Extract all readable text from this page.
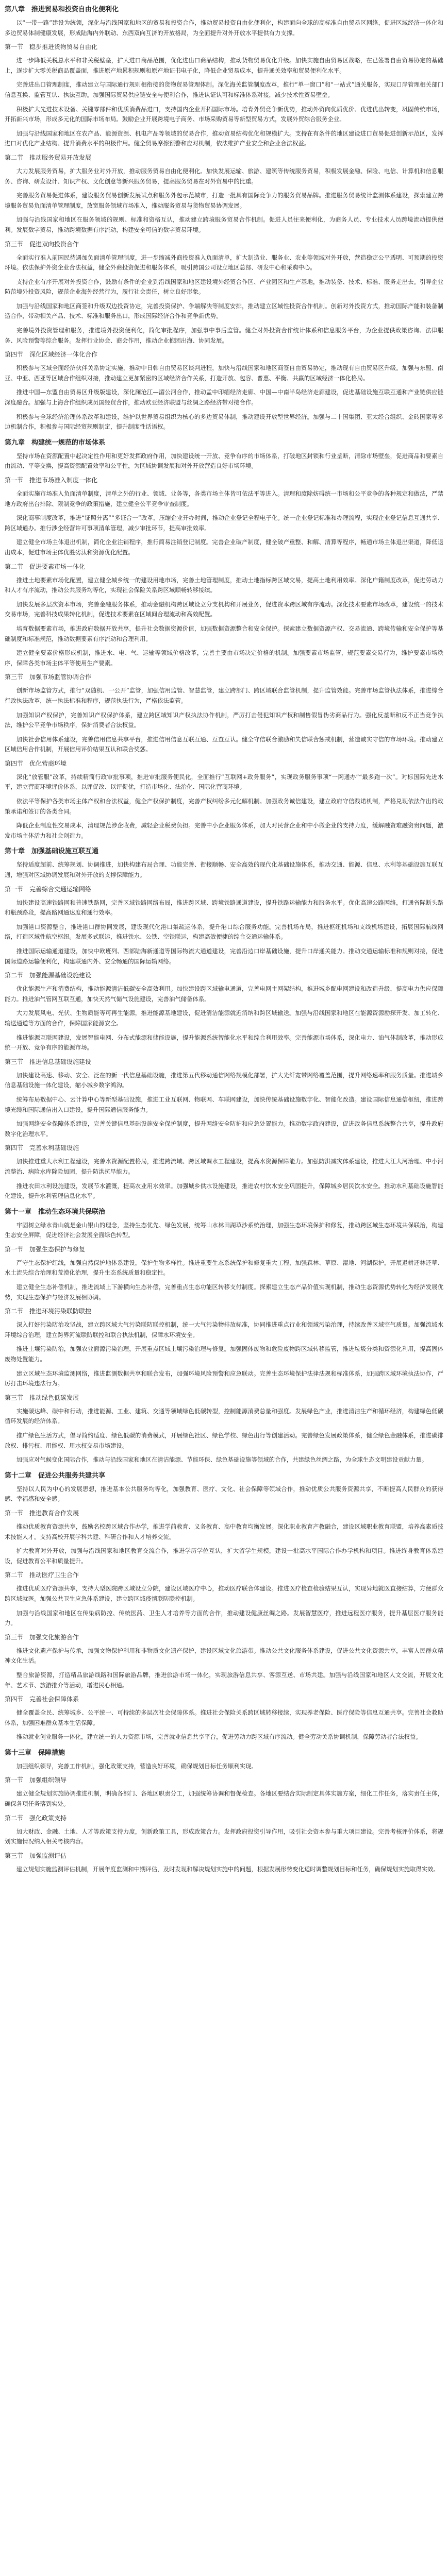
第八章　推进贸易和投资自由化便利化

以“一带一路”建设为统领，深化与沿线国家和地区的贸易和投资合作，推动贸易投资自由化便利化，构建面向全球的高标准自由贸易区网络，促进区域经济一体化和多边贸易体制健康发展，形成陆海内外联动、东西双向互济的开放格局，为全面提升对外开放水平提供有力支撑。

第一节　稳步推进货物贸易自由化

进一步降低关税总水平和非关税壁垒，扩大进口商品范围，优化进出口商品结构，推动货物贸易优化升级。加快实施自由贸易区战略，在已签署自由贸易协定的基础上，逐步扩大零关税商品覆盖面，推进原产地累积规则和原产地证书电子化，降低企业贸易成本，提升通关效率和贸易便利化水平。

完善进出口管理制度，推动建立与国际通行规则相衔接的货物贸易管理体制。深化海关监管制度改革，推行“单一窗口”和“一站式”通关服务，实现口岸管理相关部门信息互换、监管互认、执法互助。加强国际贸易供应链安全与便利合作，推进认证认可和标准体系对接，减少技术性贸易壁垒。

积极扩大先进技术设备、关键零部件和优质消费品进口，支持国内企业开拓国际市场。培育外贸竞争新优势，推动外贸向优质优价、优进优出转变，巩固传统市场，开拓新兴市场，形成多元化的国际市场布局。鼓励企业开展跨境电子商务、市场采购贸易等新型贸易方式，发展外贸综合服务企业。

加强与沿线国家和地区在农产品、能源资源、机电产品等领域的贸易合作，推动贸易结构优化和规模扩大。支持在有条件的地区建设进口贸易促进创新示范区，发挥进口对优化产业结构、提升消费水平的积极作用。健全贸易摩擦预警和应对机制，依法维护产业安全和企业合法权益。

第二节　推动服务贸易开放发展

大力发展服务贸易，扩大服务业对外开放，推动服务贸易自由化便利化。加快发展运输、旅游、建筑等传统服务贸易，积极发展金融、保险、电信、计算机和信息服务、咨询、研发设计、知识产权、文化创意等新兴服务贸易，提高服务贸易在对外贸易中的比重。

完善服务贸易促进体系，建设服务贸易创新发展试点和服务外包示范城市，打造一批具有国际竞争力的服务贸易品牌。推进服务贸易统计监测体系建设，探索建立跨境服务贸易负面清单管理制度，放宽服务领域市场准入，推动服务贸易与货物贸易协调发展。

加强与沿线国家和地区在服务领域的规则、标准和资格互认，推动建立跨境服务贸易合作机制。促进人员往来便利化，为商务人员、专业技术人员跨境流动提供便利。发展数字贸易，推动跨境数据有序流动，构建安全可信的数字贸易环境。

第三节　促进双向投资合作

全面实行准入前国民待遇加负面清单管理制度，进一步缩减外商投资准入负面清单，扩大制造业、服务业、农业等领域对外开放，营造稳定公平透明、可预期的投资环境。依法保护外资企业合法权益，健全外商投资促进和服务体系，吸引跨国公司设立地区总部、研发中心和采购中心。

支持企业有序开展对外投资合作，鼓励有条件的企业到沿线国家和地区建设境外经贸合作区、产业园区和生产基地，推动装备、技术、标准、服务走出去。引导企业防范境外投资风险，规范企业海外经营行为，履行社会责任，树立良好形象。

加强与沿线国家和地区商签和升级双边投资协定，完善投资保护、争端解决等制度安排，推动建立区域性投资合作机制。创新对外投资方式，推动国际产能和装备制造合作，带动相关产品、技术、标准和服务出口，形成国际经济合作和竞争新优势。

完善境外投资管理和服务，推进境外投资便利化，简化审批程序，加强事中事后监管。健全对外投资合作统计体系和信息服务平台，为企业提供政策咨询、法律服务、风险预警等综合服务。发挥行业协会、商会作用，推动企业抱团出海、协同发展。

第四节　深化区域经济一体化合作

积极参与区域全面经济伙伴关系协定实施，推动中日韩自由贸易区谈判进程，加快与沿线国家和地区商签自由贸易协定，推动现有自由贸易区升级。加强与东盟、南亚、中亚、西亚等区域合作组织对接，推动建立更加紧密的区域经济合作关系，打造开放、包容、普惠、平衡、共赢的区域经济一体化格局。

推进中国—东盟自由贸易区升级版建设，深化澜沧江—湄公河合作，推动孟中印缅经济走廊、中国—中南半岛经济走廊建设，促进基础设施互联互通和产业链供应链深度融合。加强与上海合作组织成员国经贸合作，推动欧亚经济联盟与丝绸之路经济带对接合作。

积极参与全球经济治理体系改革和建设，维护以世界贸易组织为核心的多边贸易体制，推动建设开放型世界经济。加强与二十国集团、亚太经合组织、金砖国家等多边机制合作，积极参与国际经贸规则制定，提升制度性话语权。

第九章　构建统一规范的市场体系

坚持市场在资源配置中起决定性作用和更好发挥政府作用，加快建设统一开放、竞争有序的市场体系，打破地区封锁和行业垄断，清除市场壁垒，促进商品和要素自由流动、平等交换，提高资源配置效率和公平性，为区域协调发展和对外开放营造良好市场环境。

第一节　推进市场准入制度一体化

全面实施市场准入负面清单制度，清单之外的行业、领域、业务等，各类市场主体皆可依法平等进入。清理和废除妨碍统一市场和公平竞争的各种规定和做法，严禁地方政府出台排除、限制竞争的政策措施，建立健全公平竞争审查制度。

深化商事制度改革，推进“证照分离”“多证合一”改革，压缩企业开办时间，推动企业登记全程电子化。统一企业登记标准和办理流程，实现企业登记信息互通共享、跨区域通办。推行涉企经营许可事项清单管理，减少审批环节，提高审批效率。

建立健全市场主体退出机制，简化企业注销程序，推行简易注销登记制度。完善企业破产制度，健全破产重整、和解、清算等程序，畅通市场主体退出渠道，降低退出成本，促进市场主体优胜劣汰和资源优化配置。

第二节　促进要素市场一体化

推进土地要素市场化配置，建立健全城乡统一的建设用地市场，完善土地管理制度，推动土地指标跨区域交易，提高土地利用效率。深化户籍制度改革，促进劳动力和人才有序流动，推动公共服务均等化，实现社会保险关系跨区域顺畅转移接续。

加快发展多层次资本市场，完善金融服务体系，推动金融机构跨区域设立分支机构和开展业务，促进资本跨区域有序流动。深化技术要素市场改革，建设统一的技术交易市场，完善科技成果转化机制，促进技术要素在区域间合理流动和高效配置。

培育数据要素市场，推进政府数据开放共享，提升社会数据资源价值，加强数据资源整合和安全保护。探索建立数据资源产权、交易流通、跨境传输和安全保护等基础制度和标准规范，推动数据要素有序流动和合理利用。

建立健全要素价格形成机制，推进水、电、气、运输等领域价格改革，完善主要由市场决定价格的机制。加强要素市场监管，规范要素交易行为，维护要素市场秩序，保障各类市场主体平等使用生产要素。

第三节　加强市场监管协调合作

创新市场监管方式，推行“双随机、一公开”监管，加强信用监管、智慧监管，建立跨部门、跨区域联合监管机制，提升监管效能。完善市场监管执法体系，推进综合行政执法改革，统一执法标准和程序，规范执法行为，严格依法监管。

加强知识产权保护，完善知识产权保护体系，建立跨区域知识产权执法协作机制，严厉打击侵犯知识产权和制售假冒伪劣商品行为。强化反垄断和反不正当竞争执法，维护公平竞争市场秩序，保护消费者合法权益。

加快社会信用体系建设，完善信用信息共享平台，推进信用信息互联互通、互查互认。健全守信联合激励和失信联合惩戒机制，营造诚实守信的市场环境。推动建立区域信用合作机制，开展信用评价结果互认和联合奖惩。

第四节　优化营商环境

深化“放管服”改革，持续精简行政审批事项，推进审批服务便民化，全面推行“互联网+政务服务”，实现政务服务事项“一网通办”“最多跑一次”。对标国际先进水平，建立营商环境评价体系，以评促改、以评促优，打造市场化、法治化、国际化营商环境。

依法平等保护各类市场主体产权和合法权益，健全产权保护制度，完善产权纠纷多元化解机制。加强政务诚信建设，建立政府守信践诺机制，严格兑现依法作出的政策承诺和签订的各类合同。

降低企业制度性交易成本，清理规范涉企收费，减轻企业税费负担。完善中小企业服务体系，加大对民营企业和中小微企业的支持力度，缓解融资难融资贵问题，激发市场主体活力和社会创造力。

第十章　加强基础设施互联互通

坚持适度超前、统筹规划、协调推进，加快构建布局合理、功能完善、衔接顺畅、安全高效的现代化基础设施体系，推动交通、能源、信息、水利等基础设施互联互通，增强对区域协调发展和对外开放的支撑保障能力。

第一节　完善综合交通运输网络

加快建设高速铁路网和普速铁路网，完善区域铁路网络布局，推进跨区域、跨境铁路通道建设，提升铁路运输能力和服务水平。优化高速公路网络，打通省际断头路和瓶颈路段，提高路网通达度和通行效率。

加强港口资源整合，推进港口群协同发展，建设现代化港口集疏运体系，提升港口综合服务功能。完善机场布局，推进枢纽机场和支线机场建设，拓展国际航线网络，打造区域性航空枢纽。发展多式联运，推进铁水、公铁、空铁联运，构建高效便捷的综合交通运输体系。

推进国际运输通道建设，加快中欧班列、西部陆海新通道等国际物流大通道建设，完善沿边口岸基础设施，提升口岸通关能力。推动交通运输标准和规则对接，促进国际道路运输便利化，构建联通内外、安全畅通的国际运输网络。

第二节　加强能源基础设施建设

优化能源生产和消费结构，推动能源清洁低碳安全高效利用。加快建设跨区域输电通道，完善电网主网架结构，推进城乡配电网建设和改造升级，提高电力供应保障能力。推进油气管网互联互通，加快天然气储气设施建设，完善油气储备体系。

大力发展风电、光伏、生物质能等可再生能源，推进能源基地建设，促进清洁能源就近消纳和跨区域输送。加强与沿线国家和地区在能源资源勘探开发、加工转化、输送通道等方面的合作，保障国家能源安全。

推进能源互联网建设，发展智能电网、分布式能源和储能设施，提升能源系统智能化水平和综合利用效率。完善能源市场体系，深化电力、油气体制改革，推动形成统一开放、竞争有序的能源市场。

第三节　推进信息基础设施建设

加快建设高速、移动、安全、泛在的新一代信息基础设施，推进第五代移动通信网络规模化部署，扩大光纤宽带网络覆盖范围，提升网络速率和服务质量。推进城乡信息基础设施一体化建设，缩小城乡数字鸿沟。

统筹布局数据中心、云计算中心等新型基础设施，推进工业互联网、物联网、车联网建设，加快传统基础设施数字化、智能化改造。建设国际信息通信枢纽，推进跨境光缆和国际通信出入口建设，提升国际通信服务能力。

加强网络安全保障体系建设，完善关键信息基础设施安全保护制度，提升网络安全防护和应急处置能力。推动数字政府建设，促进政务信息系统整合共享，提升政府数字化治理水平。

第四节　完善水利基础设施

加快推进重大水利工程建设，完善水资源配置格局，推进跨流域、跨区域调水工程建设，提高水资源保障能力。加强防洪减灾体系建设，推进大江大河治理、中小河流整治、病险水库除险加固，提升防洪抗旱能力。

推进农田水利设施建设，发展节水灌溉，提高农业用水效率。加强城乡供水设施建设，推进农村饮水安全巩固提升，保障城乡居民饮水安全。推动水利基础设施智能化建设，提升水利管理信息化水平。

第十一章　推动生态环境共保联治

牢固树立绿水青山就是金山银山的理念，坚持生态优先、绿色发展，统筹山水林田湖草沙系统治理，加强生态环境保护和修复，推动跨区域生态环境共保联治，构建生态安全屏障，促进经济社会发展全面绿色转型。

第一节　加强生态保护与修复

严守生态保护红线，加强自然保护地体系建设，保护生物多样性。推进重要生态系统保护和修复重大工程，加强森林、草原、湿地、河湖保护，开展退耕还林还草、水土流失综合治理和荒漠化治理，提升生态系统质量和稳定性。

建立健全生态补偿机制，推进流域上下游横向生态补偿，完善重点生态功能区转移支付制度。探索建立生态产品价值实现机制，推动生态资源优势转化为经济发展优势，实现生态保护与经济发展相协调。

第二节　推进环境污染联防联控

深入打好污染防治攻坚战，建立跨区域大气污染联防联控机制，统一大气污染物排放标准，协同推进重点行业和领域污染治理，持续改善区域空气质量。加强流域水环境综合治理，建立跨界河流联防联控和联合执法机制，保障水环境安全。

推进土壤污染防治，加强农业面源污染治理，开展重点区域土壤污染治理与修复。加强固体废物和危险废物跨区域转移监管，推进垃圾分类和资源化利用，提高固体废物处置能力。

建立区域生态环境监测网络，推进监测数据共享和联合发布，加强环境风险预警和应急联动。完善生态环境保护法律法规和标准体系，加强跨区域环境执法协作，严厉打击环境违法行为。

第三节　推动绿色低碳发展

实施碳达峰、碳中和行动，推进能源、工业、建筑、交通等领域绿色低碳转型，控制能源消费总量和强度。发展绿色产业，推进清洁生产和循环经济，构建绿色低碳循环发展的经济体系。

推广绿色生活方式，倡导简约适度、绿色低碳的消费模式，开展绿色社区、绿色学校、绿色出行等创建活动。完善绿色发展政策体系，健全绿色金融体系，推进碳排放权、排污权、用能权、用水权交易市场建设。

加强应对气候变化国际合作，推动与沿线国家和地区在清洁能源、节能环保、绿色基础设施等领域的合作，共建绿色丝绸之路，为全球生态文明建设贡献力量。

第十二章　促进公共服务共建共享

坚持以人民为中心的发展思想，推进基本公共服务均等化，加强教育、医疗、文化、社会保障等领域合作，推动优质公共服务资源共享，不断提高人民群众的获得感、幸福感和安全感。

第一节　推进教育合作发展

推动优质教育资源共享，鼓励名校跨区域合作办学，推进学前教育、义务教育、高中教育均衡发展。深化职业教育产教融合，建设区域职业教育联盟，培养高素质技术技能人才。支持高校开展学科共建、科研合作和人才培养交流。

扩大教育对外开放，加强与沿线国家和地区教育交流合作，推进学历学位互认，扩大留学生规模，建设一批高水平国际合作办学机构和项目。推进终身教育体系建设，促进教育公平和质量提升。

第二节　推动医疗卫生合作

推进优质医疗资源共享，支持大型医院跨区域设立分院，建设区域医疗中心，推动医疗联合体建设。推进医疗检查检验结果互认，实现异地就医直接结算，方便群众跨区域就医。加强公共卫生应急体系建设，建立跨区域疫情联防联控机制。

加强与沿线国家和地区在传染病防控、传统医药、卫生人才培养等方面的合作，推动建设健康丝绸之路。发展智慧医疗，推进远程医疗服务，提升基层医疗服务能力。

第三节　加强文化旅游合作

推进文化遗产保护与传承，加强文物保护利用和非物质文化遗产保护，建设区域文化旅游带。推动公共文化服务体系建设，促进公共文化资源共享，丰富人民群众精神文化生活。

整合旅游资源，打造精品旅游线路和国际旅游品牌，推进旅游市场一体化，实现旅游信息共享、客源互送、市场共建。加强与沿线国家和地区人文交流，开展文化年、艺术节、旅游推介等活动，增进民心相通。

第四节　完善社会保障体系

健全覆盖全民、统筹城乡、公平统一、可持续的多层次社会保障体系。推进社会保险关系跨区域转移接续，实现养老保险、医疗保险等信息互通共享。完善社会救助体系，加强困难群众基本生活保障。

推动就业创业服务一体化，建立统一的人力资源市场，完善就业信息共享平台，促进劳动力跨区域有序流动。健全劳动关系协调机制，保障劳动者合法权益。

第十三章　保障措施

加强组织领导，完善工作机制，强化政策支持，营造良好环境，确保规划目标任务顺利实现。

第一节　加强组织领导

建立健全规划实施协调推进机制，明确各部门、各地区职责分工，加强统筹协调和督促检查。各地区要结合实际制定具体实施方案，细化工作任务，落实责任主体，确保各项任务落到实处。

第二节　强化政策支持

加大财政、金融、土地、人才等政策支持力度，创新政策工具，形成政策合力。发挥政府投资引导作用，吸引社会资本参与重大项目建设。完善考核评价体系，将规划实施情况纳入相关考核内容。

第三节　加强监测评估

建立规划实施监测评估机制，开展年度监测和中期评估，及时发现和解决规划实施中的问题，根据发展形势变化适时调整规划目标和任务，确保规划实施取得实效。
